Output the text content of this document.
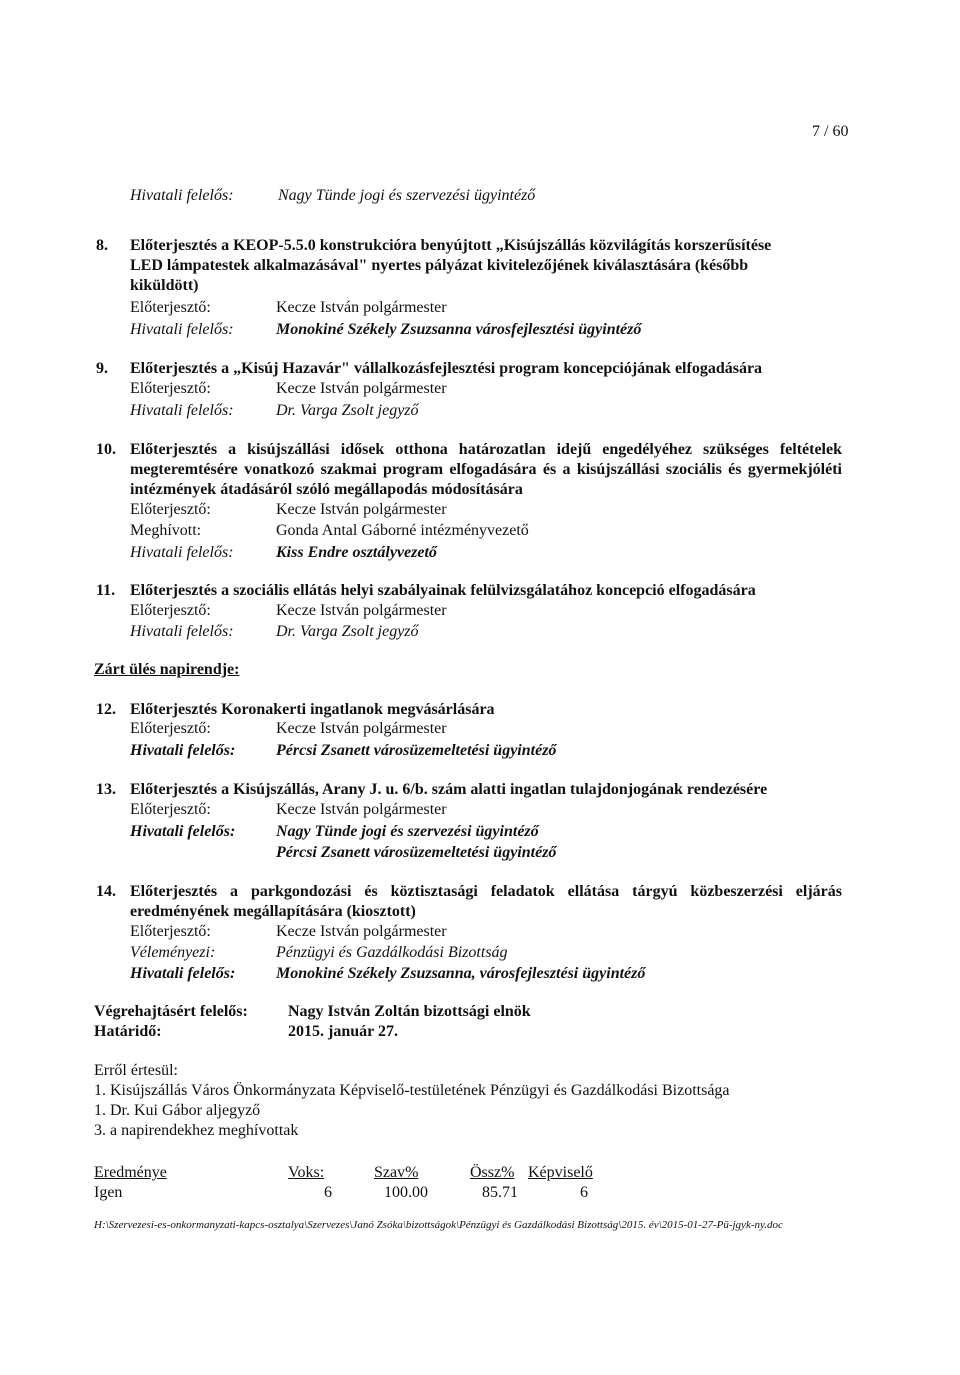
7 / 60
Hivatali felelős:	Nagy Tünde jogi és szervezési ügyintéző
8. Előterjesztés a KEOP-5.5.0 konstrukcióra benyújtott „Kisújszállás közvilágítás korszerűsítése
LED lámpatestek alkalmazásával" nyertes pályázat kivitelezőjének kiválasztására (később
kiküldött)
Előterjesztő:	Kecze István polgármester
Hivatali felelős:	Monokiné Székely Zsuzsanna városfejlesztési ügyintéző
9. Előterjesztés a „Kisúj Hazavár" vállalkozásfejlesztési program koncepciójának elfogadására
Előterjesztő:	Kecze István polgármester
Hivatali felelős:	Dr. Varga Zsolt jegyző
10. Előterjesztés a kisújszállási idősek otthona határozatlan idejű engedélyéhez szükséges feltételek megteremtésére vonatkozó szakmai program elfogadására és a kisújszállási szociális és gyermekjóléti intézmények átadásáról szóló megállapodás módosítására
Előterjesztő:	Kecze István polgármester
Meghívott:	Gonda Antal Gáborné intézményvezető
Hivatali felelős:	Kiss Endre osztályvezető
11. Előterjesztés a szociális ellátás helyi szabályainak felülvizsgálatához koncepció elfogadására
Előterjesztő:	Kecze István polgármester
Hivatali felelős:	Dr. Varga Zsolt jegyző
Zárt ülés napirendje:
12. Előterjesztés Koronakerti ingatlanok megvásárlására
Előterjesztő:	Kecze István polgármester
Hivatali felelős:	Pércsi Zsanett városüzemeltetési ügyintéző
13. Előterjesztés a Kisújszállás, Arany J. u. 6/b. szám alatti ingatlan tulajdonjogának rendezésére
Előterjesztő:	Kecze István polgármester
Hivatali felelős:	Nagy Tünde jogi és szervezési ügyintéző
Pércsi Zsanett városüzemeltetési ügyintéző
14. Előterjesztés a parkgondozási és köztisztasági feladatok ellátása tárgyú közbeszerzési eljárás eredményének megállapítására (kiosztott)
Előterjesztő:	Kecze István polgármester
Véleményezi:	Pénzügyi és Gazdálkodási Bizottság
Hivatali felelős:	Monokiné Székely Zsuzsanna, városfejlesztési ügyintéző
Végrehajtásért felelős:	Nagy István Zoltán bizottsági elnök
Határidő:	2015. január 27.
Erről értesül:
1. Kisújszállás Város Önkormányzata Képviselő-testületének Pénzügyi és Gazdálkodási Bizottsága
1. Dr. Kui Gábor aljegyző
3. a napirendekhez meghívottak
Eredménye	Voks:	Szav%	Össz% Képviselő
Igen	6	100.00	85.71	6
H:\Szervezesi-es-onkormanyzati-kapcs-osztalya\Szervezes\Janó Zsóka\bizottságok\Pénzügyi és Gazdálkodási Bizottság\2015. év\2015-01-27-Pü-jgyk-ny.doc
